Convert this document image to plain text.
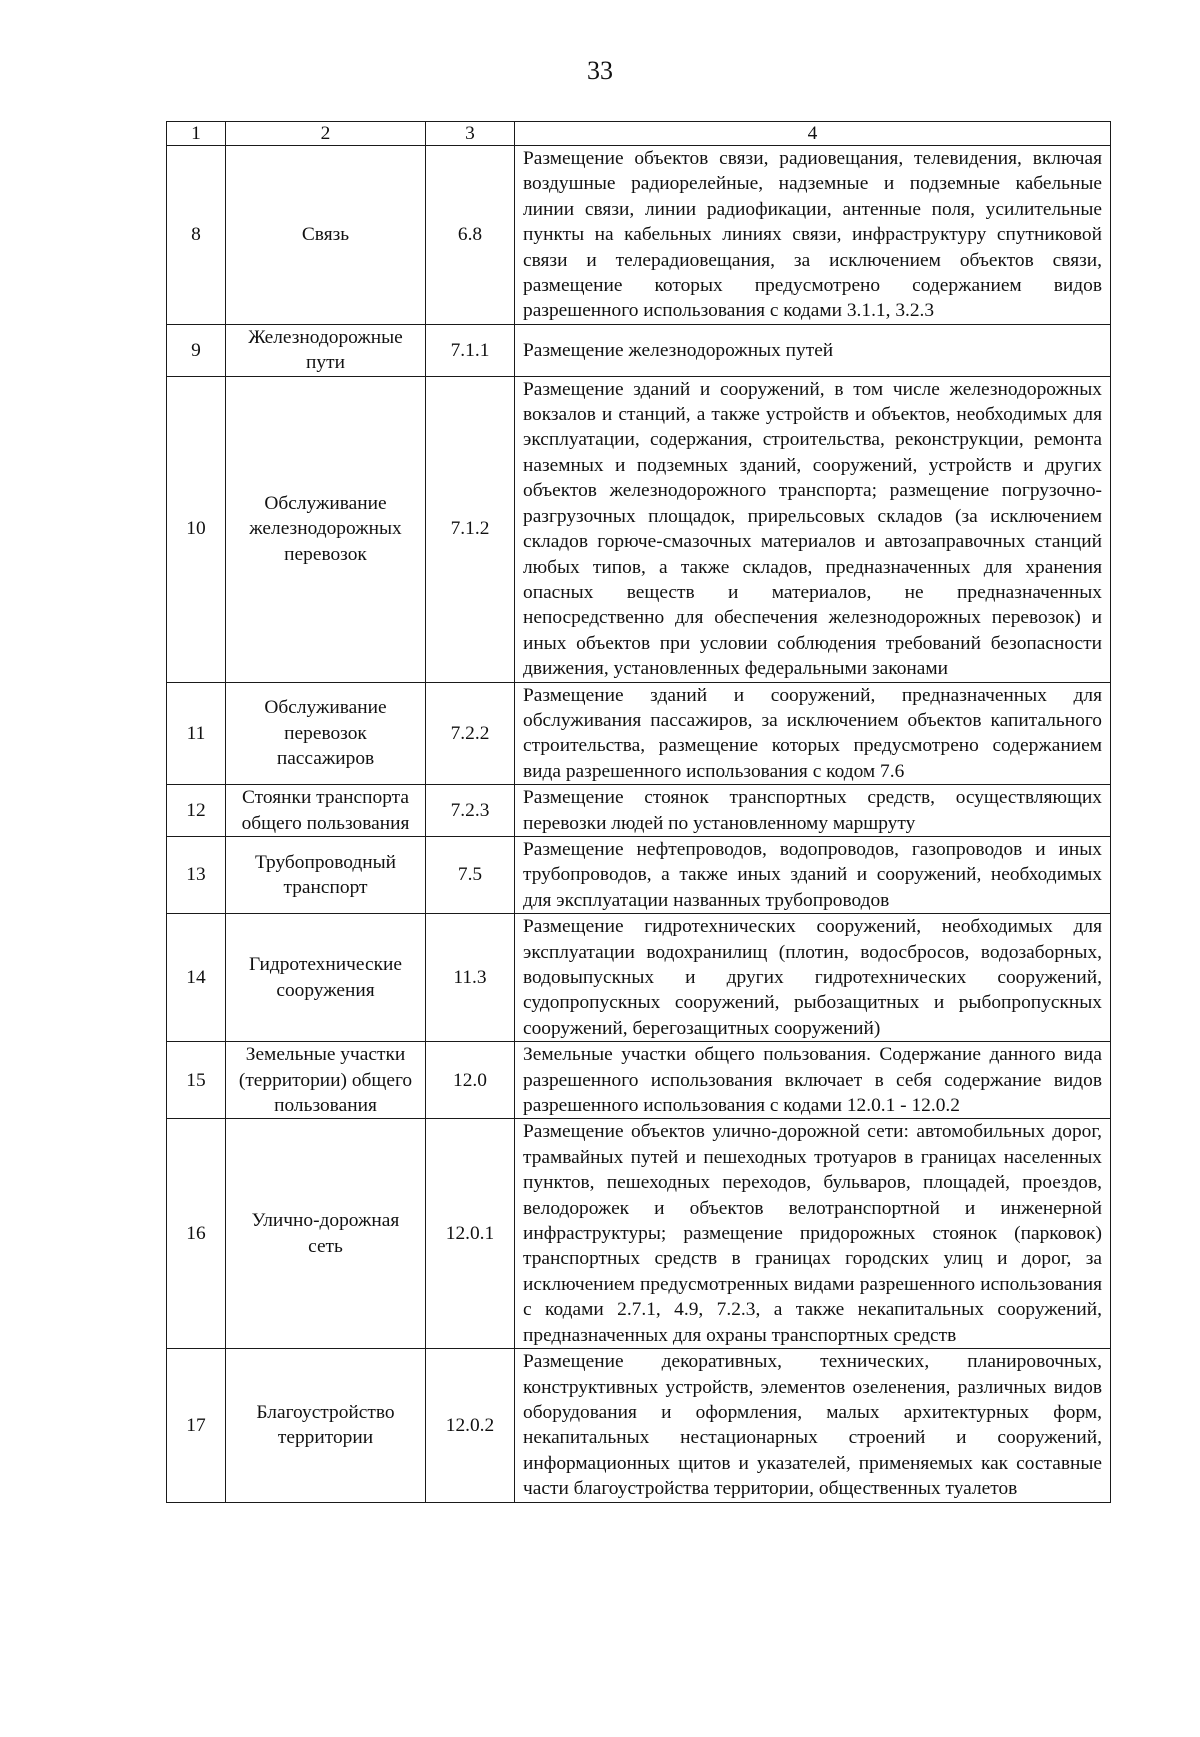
33
1	2	3	4
8	Связь	6.8	Размещение объектов связи, радиовещания, телевидения, включая воздушные радиорелейные, надземные и подземные кабельные линии связи, линии радиофикации, антенные поля, усилительные пункты на кабельных линиях связи, инфраструктуру спутниковой связи и телерадиовещания, за исключением объектов связи, размещение которых предусмотрено содержанием видов разрешенного использования с кодами 3.1.1, 3.2.3
9	Железнодорожные пути	7.1.1	Размещение железнодорожных путей
10	Обслуживание железнодорожных перевозок	7.1.2	Размещение зданий и сооружений, в том числе железнодорожных вокзалов и станций, а также устройств и объектов, необходимых для эксплуатации, содержания, строительства, реконструкции, ремонта наземных и подземных зданий, сооружений, устройств и других объектов железнодорожного транспорта; размещение погрузочно-разгрузочных площадок, прирельсовых складов (за исключением складов горюче-смазочных материалов и автозаправочных станций любых типов, а также складов, предназначенных для хранения опасных веществ и материалов, не предназначенных непосредственно для обеспечения железнодорожных перевозок) и иных объектов при условии соблюдения требований безопасности движения, установленных федеральными законами
11	Обслуживание перевозок пассажиров	7.2.2	Размещение зданий и сооружений, предназначенных для обслуживания пассажиров, за исключением объектов капитального строительства, размещение которых предусмотрено содержанием вида разрешенного использования с кодом 7.6
12	Стоянки транспорта общего пользования	7.2.3	Размещение стоянок транспортных средств, осуществляющих перевозки людей по установленному маршруту
13	Трубопроводный транспорт	7.5	Размещение нефтепроводов, водопроводов, газопроводов и иных трубопроводов, а также иных зданий и сооружений, необходимых для эксплуатации названных трубопроводов
14	Гидротехнические сооружения	11.3	Размещение гидротехнических сооружений, необходимых для эксплуатации водохранилищ (плотин, водосбросов, водозаборных, водовыпускных и других гидротехнических сооружений, судопропускных сооружений, рыбозащитных и рыбопропускных сооружений, берегозащитных сооружений)
15	Земельные участки (территории) общего пользования	12.0	Земельные участки общего пользования. Содержание данного вида разрешенного использования включает в себя содержание видов разрешенного использования с кодами 12.0.1 - 12.0.2
16	Улично-дорожная сеть	12.0.1	Размещение объектов улично-дорожной сети: автомобильных дорог, трамвайных путей и пешеходных тротуаров в границах населенных пунктов, пешеходных переходов, бульваров, площадей, проездов, велодорожек и объектов велотранспортной и инженерной инфраструктуры; размещение придорожных стоянок (парковок) транспортных средств в границах городских улиц и дорог, за исключением предусмотренных видами разрешенного использования с кодами 2.7.1, 4.9, 7.2.3, а также некапитальных сооружений, предназначенных для охраны транспортных средств
17	Благоустройство территории	12.0.2	Размещение декоративных, технических, планировочных, конструктивных устройств, элементов озеленения, различных видов оборудования и оформления, малых архитектурных форм, некапитальных нестационарных строений и сооружений, информационных щитов и указателей, применяемых как составные части благоустройства территории, общественных туалетов
